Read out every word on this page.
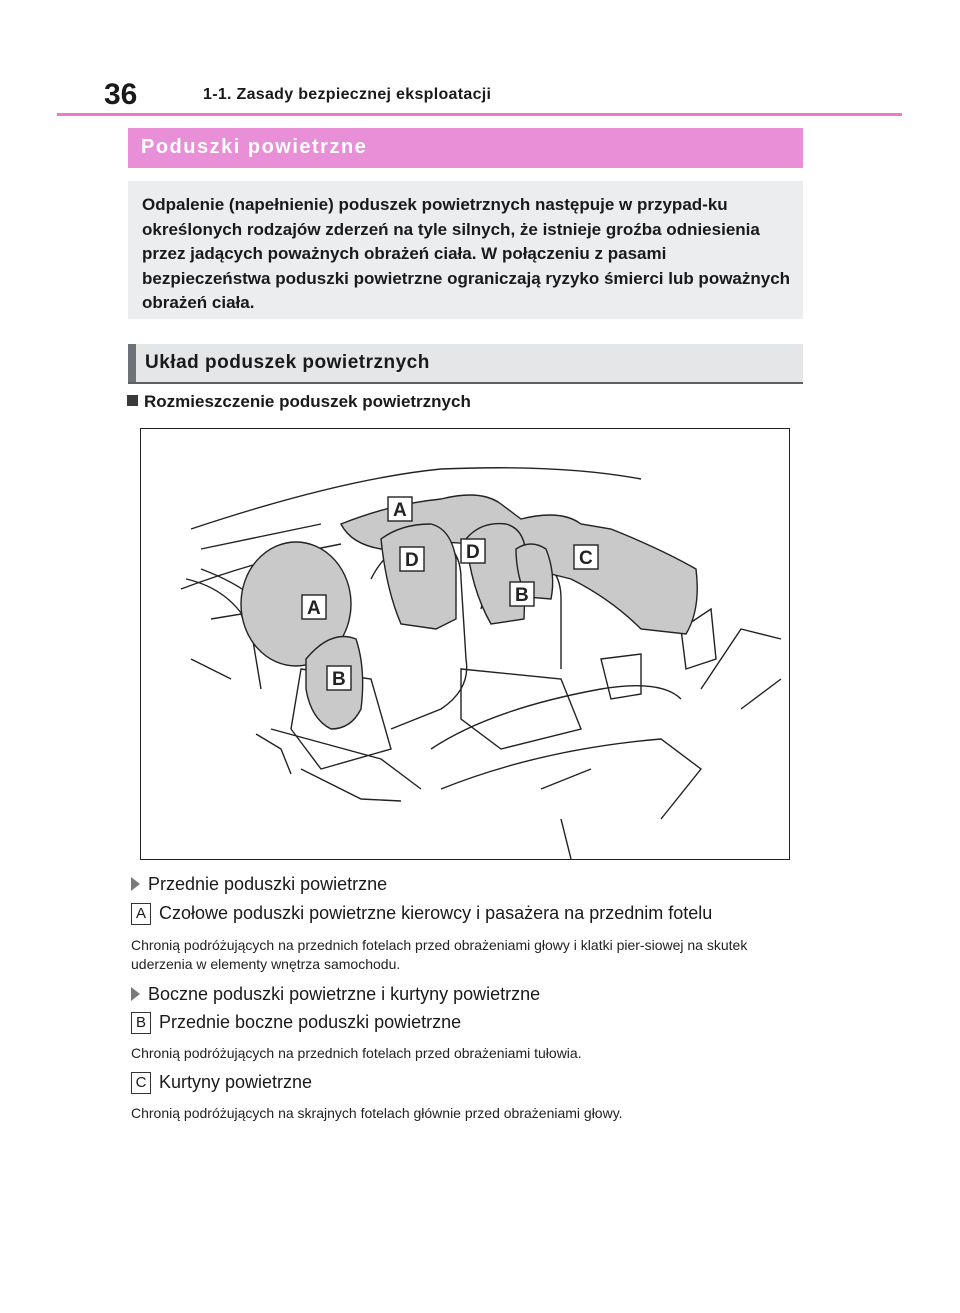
36	1-1. Zasady bezpiecznej eksploatacji
Poduszki powietrzne

Odpalenie (napełnienie) poduszek powietrznych następuje w przypad-ku określonych rodzajów zderzeń na tyle silnych, że istnieje groźba odniesienia przez jadących poważnych obrażeń ciała. W połączeniu z pasami bezpieczeństwa poduszki powietrzne ograniczają ryzyko śmierci lub poważnych obrażeń ciała.

Układ poduszek powietrznych
Rozmieszczenie poduszek powietrznych
A
D D	C
A
B
B
Przednie poduszki powietrzne
A Czołowe poduszki powietrzne kierowcy i pasażera na przednim fotelu
Chronią podróżujących na przednich fotelach przed obrażeniami głowy i klatki pier-siowej na skutek uderzenia w elementy wnętrza samochodu.
Boczne poduszki powietrzne i kurtyny powietrzne
B Przednie boczne poduszki powietrzne
Chronią podróżujących na przednich fotelach przed obrażeniami tułowia.
C Kurtyny powietrzne
Chronią podróżujących na skrajnych fotelach głównie przed obrażeniami głowy.
